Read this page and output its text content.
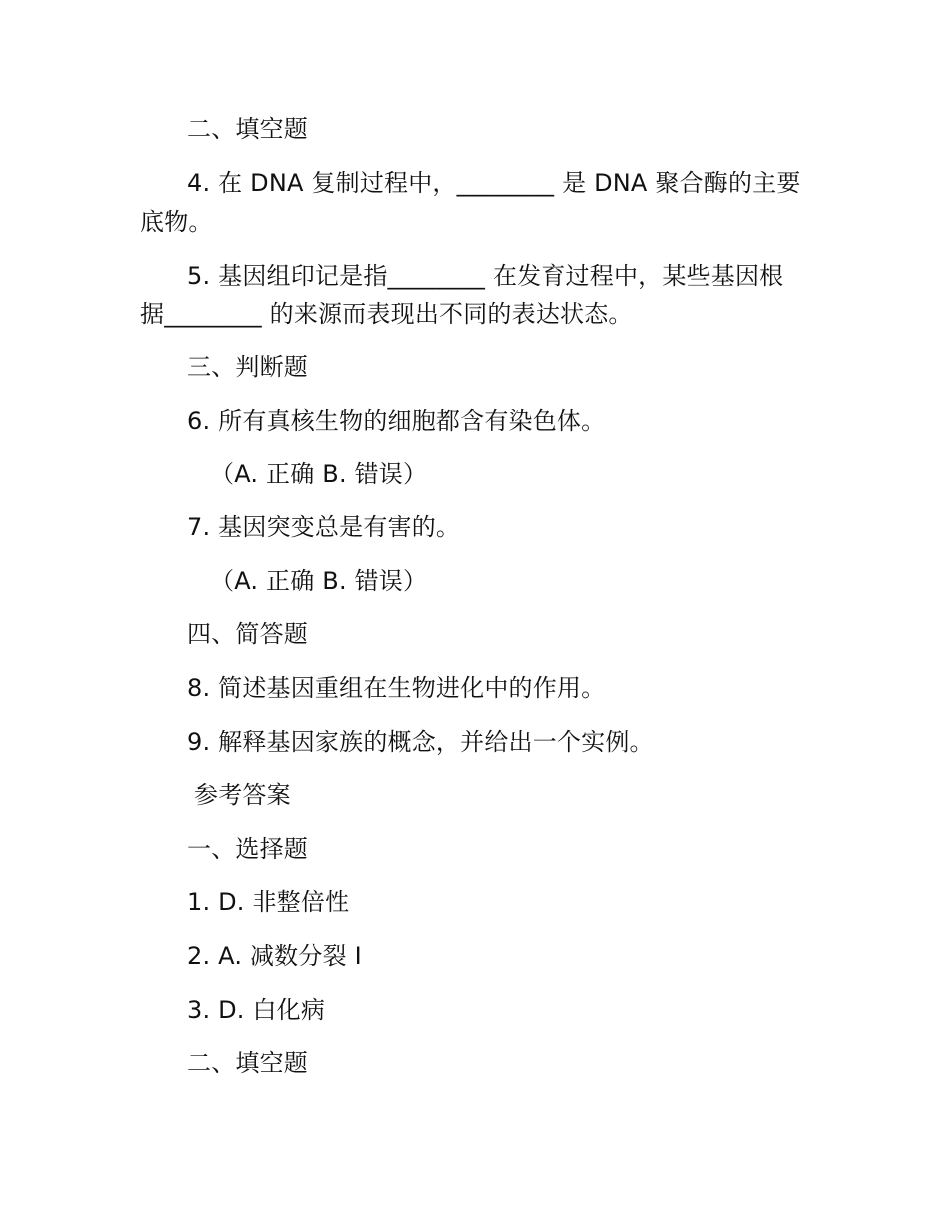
二、填空题
4. 在 DNA 复制过程中，________ 是 DNA 聚合酶的主要
底物。
5. 基因组印记是指________ 在发育过程中，某些基因根
据________ 的来源而表现出不同的表达状态。
三、判断题
6. 所有真核生物的细胞都含有染色体。
（A. 正确 B. 错误）
7. 基因突变总是有害的。
（A. 正确 B. 错误）
四、简答题
8. 简述基因重组在生物进化中的作用。
9. 解释基因家族的概念，并给出一个实例。
参考答案
一、选择题
1. D. 非整倍性
2. A. 减数分裂 I
3. D. 白化病
二、填空题
